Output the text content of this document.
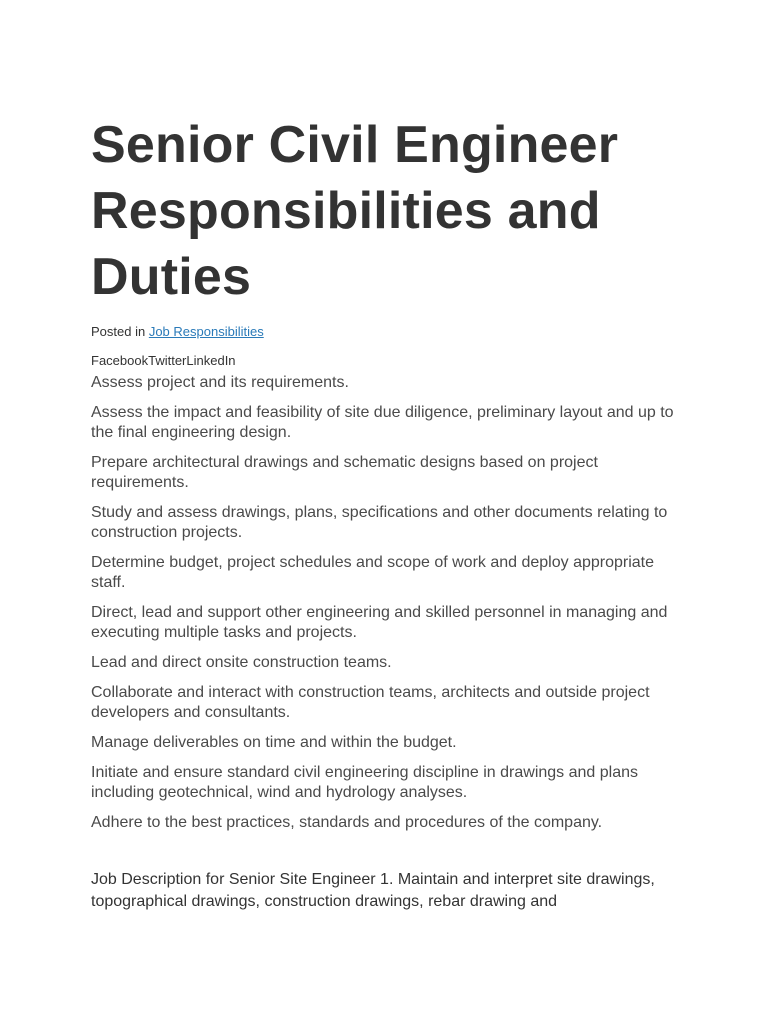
Senior Civil Engineer Responsibilities and Duties
Posted in Job Responsibilities
FacebookTwitterLinkedIn

Assess project and its requirements.

Assess the impact and feasibility of site due diligence, preliminary layout and up to the final engineering design.

Prepare architectural drawings and schematic designs based on project requirements.

Study and assess drawings, plans, specifications and other documents relating to construction projects.

Determine budget, project schedules and scope of work and deploy appropriate staff.

Direct, lead and support other engineering and skilled personnel in managing and executing multiple tasks and projects.

Lead and direct onsite construction teams.

Collaborate and interact with construction teams, architects and outside project developers and consultants.

Manage deliverables on time and within the budget.

Initiate and ensure standard civil engineering discipline in drawings and plans including geotechnical, wind and hydrology analyses.

Adhere to the best practices, standards and procedures of the company.

Job Description for Senior Site Engineer 1. Maintain and interpret site drawings, topographical drawings, construction drawings, rebar drawing and
